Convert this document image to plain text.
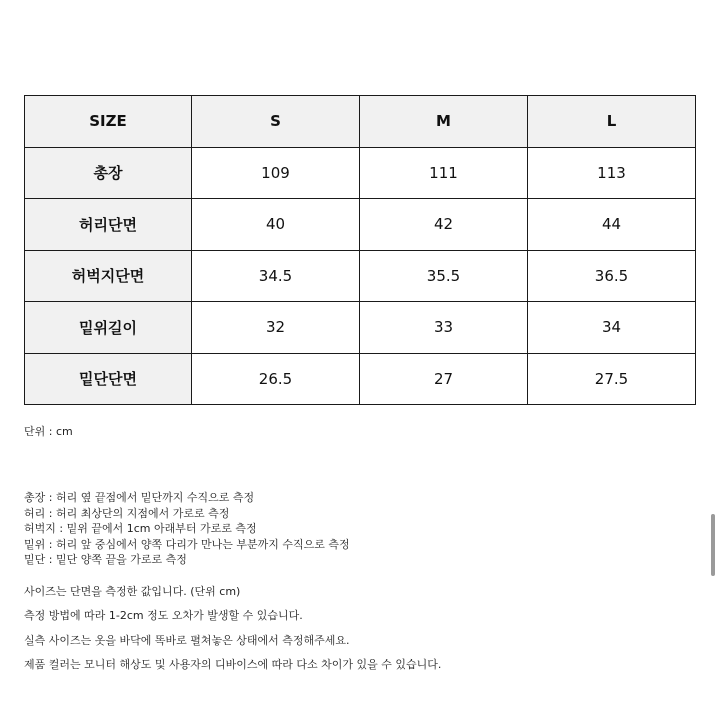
SIZE	S	M	L
총장	109	111	113
허리단면	40	42	44
허벅지단면	34.5	35.5	36.5
밑위길이	32	33	34
밑단단면	26.5	27	27.5
단위 : cm
총장 : 허리 옆 끝점에서 밑단까지 수직으로 측정
허리 : 허리 최상단의 지점에서 가로로 측정
허벅지 : 밑위 끝에서 1cm 아래부터 가로로 측정
밑위 : 허리 앞 중심에서 양쪽 다리가 만나는 부분까지 수직으로 측정
밑단 : 밑단 양쪽 끝을 가로로 측정
사이즈는 단면을 측정한 값입니다. (단위 cm)
측정 방법에 따라 1-2cm 정도 오차가 발생할 수 있습니다.
실측 사이즈는 옷을 바닥에 똑바로 펼쳐놓은 상태에서 측정해주세요.
제품 컬러는 모니터 해상도 및 사용자의 디바이스에 따라 다소 차이가 있을 수 있습니다.
